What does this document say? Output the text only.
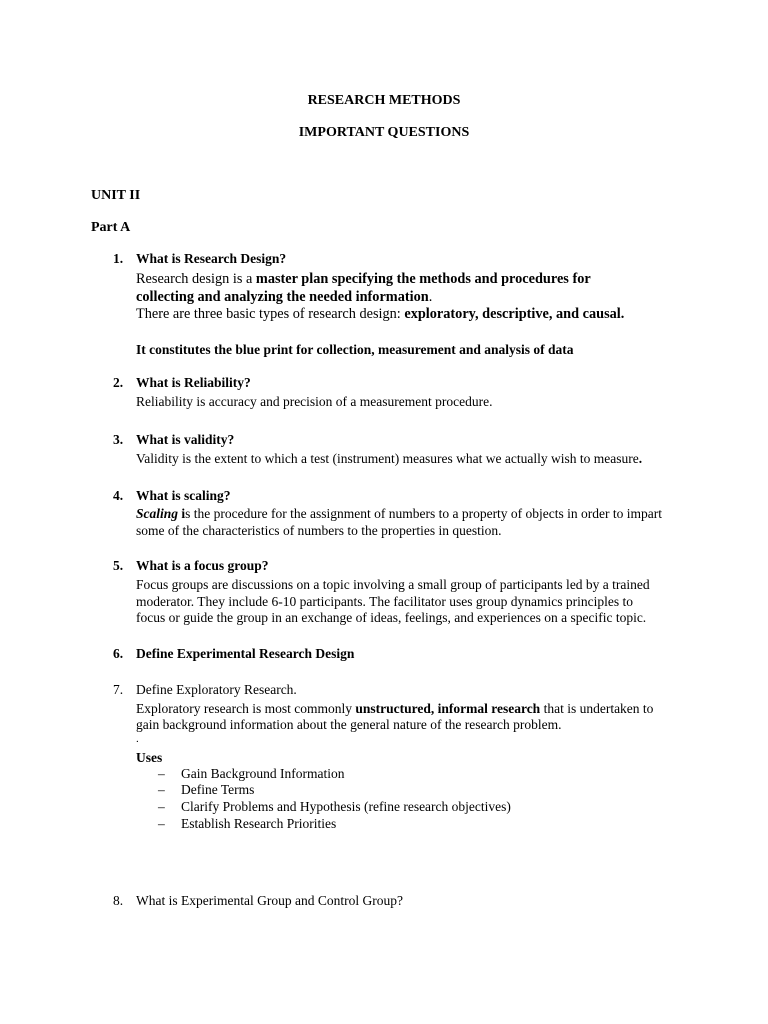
RESEARCH METHODS
IMPORTANT QUESTIONS
UNIT II
Part A
1. What is Research Design?
Research design is a master plan specifying the methods and procedures for
collecting and analyzing the needed information.
There are three basic types of research design: exploratory, descriptive, and causal.
It constitutes the blue print for collection, measurement and analysis of data
2. What is Reliability?
Reliability is accuracy and precision of a measurement procedure.
3. What is validity?
Validity is the extent to which a test (instrument) measures what we actually wish to measure.
4. What is scaling?
Scaling is the procedure for the assignment of numbers to a property of objects in order to impart
some of the characteristics of numbers to the properties in question.
5. What is a focus group?
Focus groups are discussions on a topic involving a small group of participants led by a trained
moderator. They include 6-10 participants. The facilitator uses group dynamics principles to
focus or guide the group in an exchange of ideas, feelings, and experiences on a specific topic.
6. Define Experimental Research Design
7. Define Exploratory Research.
Exploratory research is most commonly unstructured, informal research that is undertaken to
gain background information about the general nature of the research problem.
.
Uses
– Gain Background Information
– Define Terms
– Clarify Problems and Hypothesis (refine research objectives)
– Establish Research Priorities
8. What is Experimental Group and Control Group?
